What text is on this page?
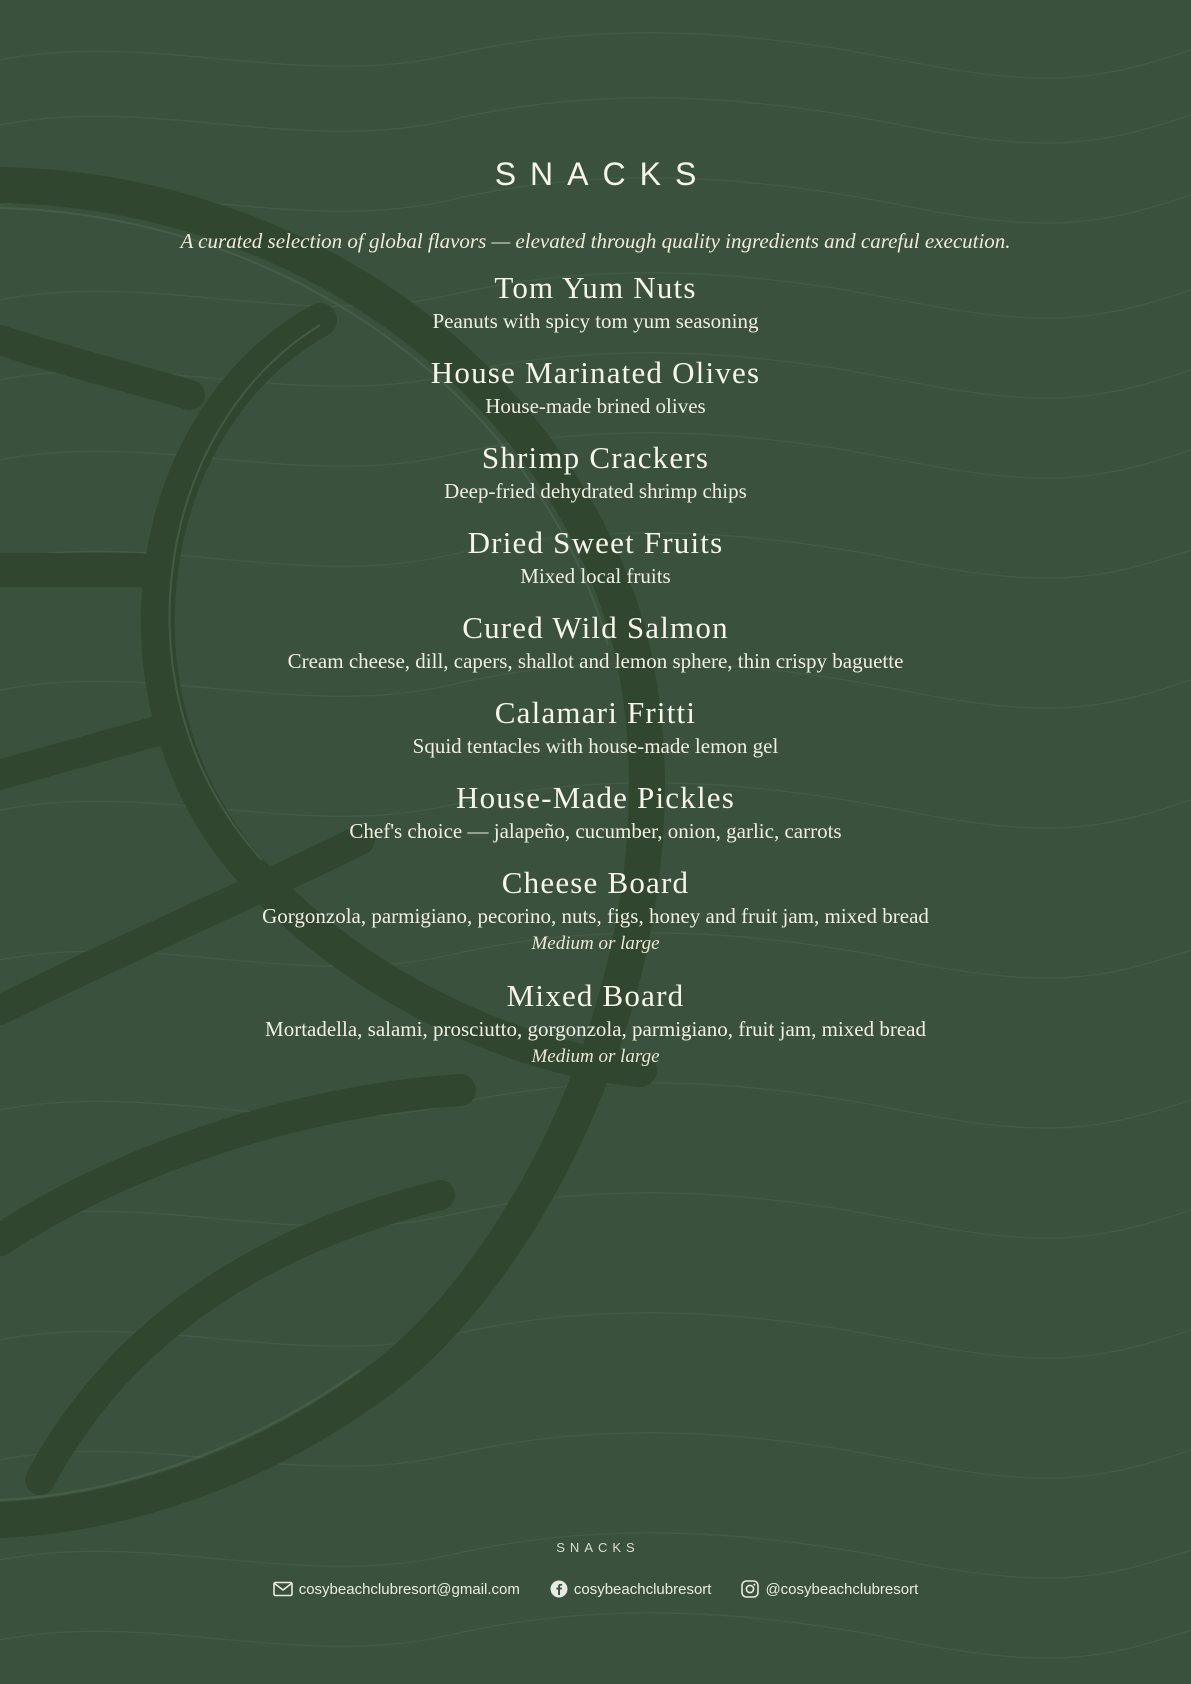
SNACKS
A curated selection of global flavors — elevated through quality ingredients and careful execution.
Tom Yum Nuts
Peanuts with spicy tom yum seasoning
House Marinated Olives
House-made brined olives
Shrimp Crackers
Deep-fried dehydrated shrimp chips
Dried Sweet Fruits
Mixed local fruits
Cured Wild Salmon
Cream cheese, dill, capers, shallot and lemon sphere, thin crispy baguette
Calamari Fritti
Squid tentacles with house-made lemon gel
House-Made Pickles
Chef's choice — jalapeño, cucumber, onion, garlic, carrots
Cheese Board
Gorgonzola, parmigiano, pecorino, nuts, figs, honey and fruit jam, mixed bread
Medium or large
Mixed Board
Mortadella, salami, prosciutto, gorgonzola, parmigiano, fruit jam, mixed bread
Medium or large
SNACKS
cosybeachclubresort@gmail.com	cosybeachclubresort	@cosybeachclubresort
